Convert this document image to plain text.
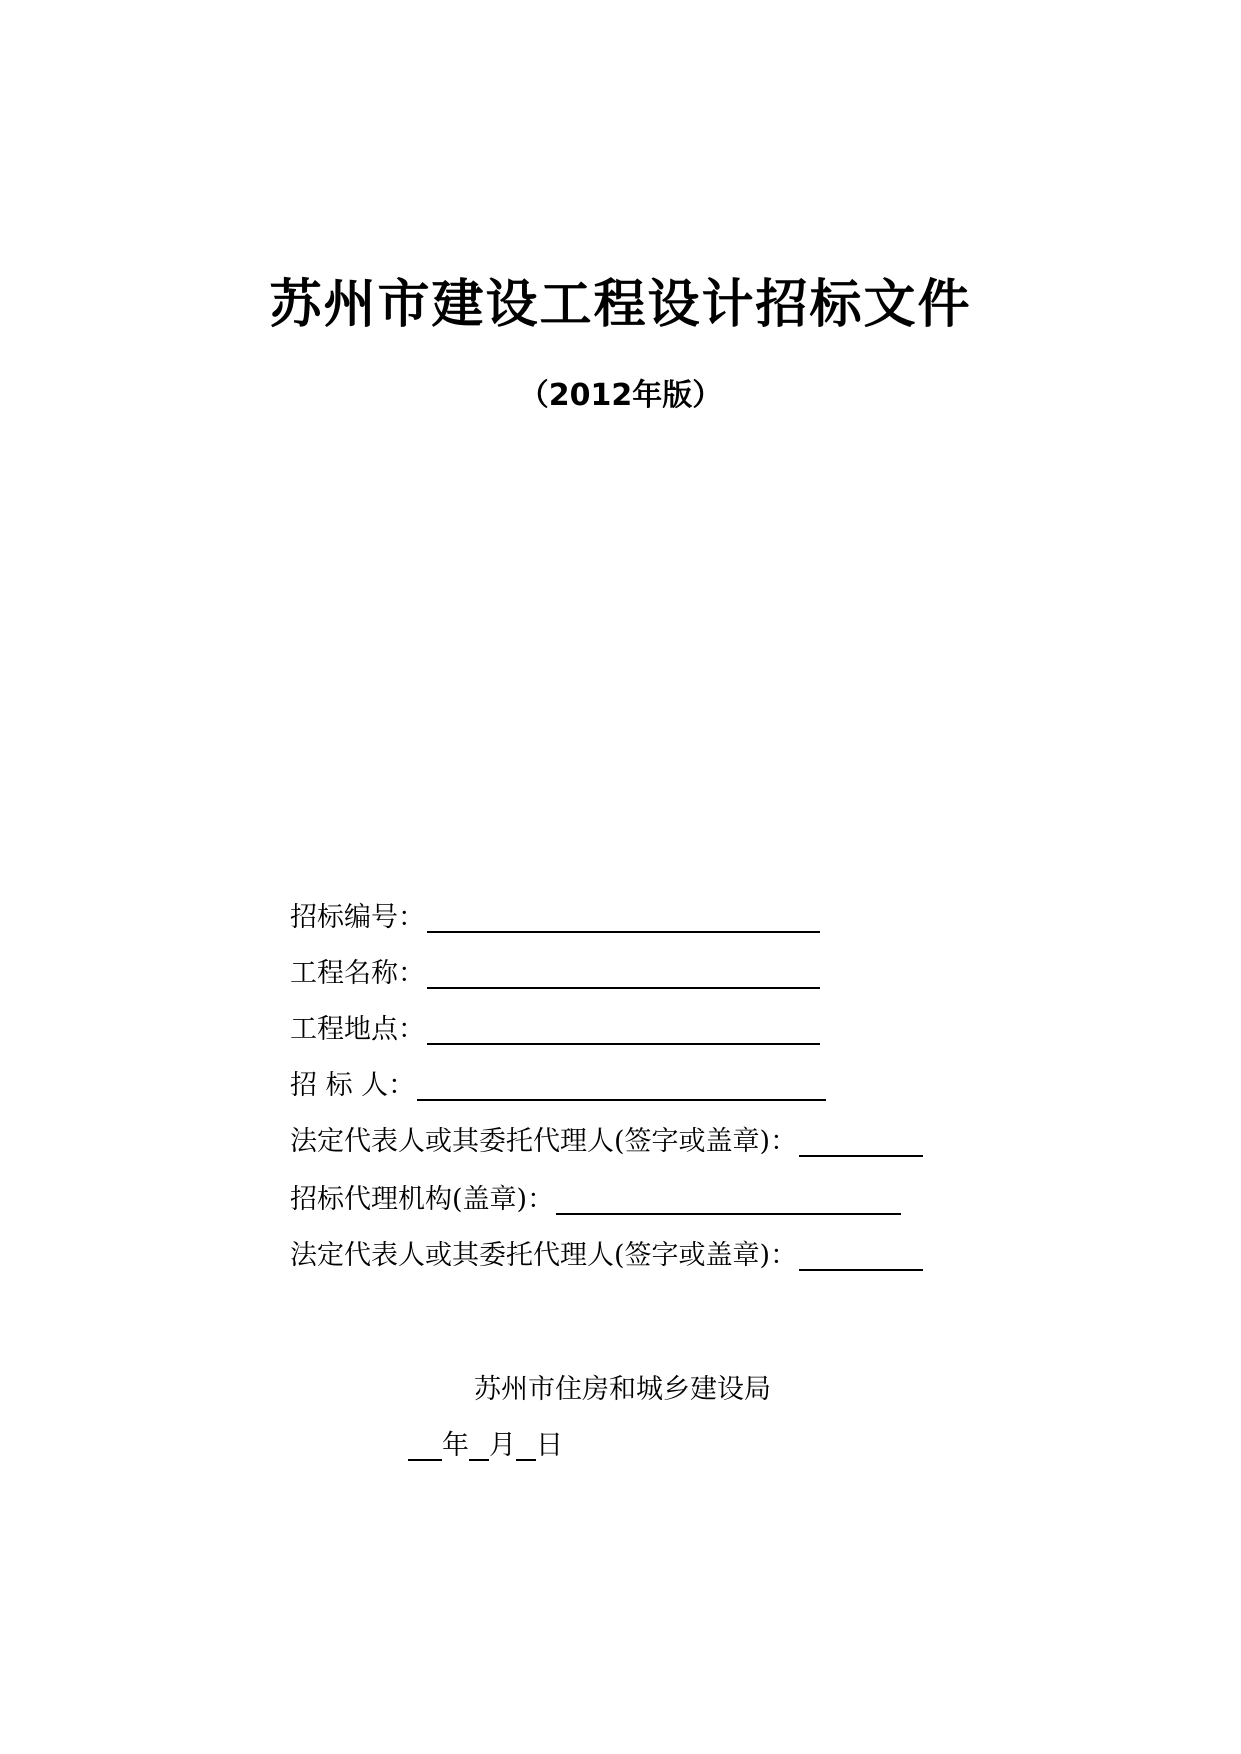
苏州市建设工程设计招标文件
（2012年版）
招标编号：
工程名称：
工程地点：
招 标 人：
法定代表人或其委托代理人(签字或盖章)：
招标代理机构(盖章)：
法定代表人或其委托代理人(签字或盖章)：
苏州市住房和城乡建设局
年 月 日
